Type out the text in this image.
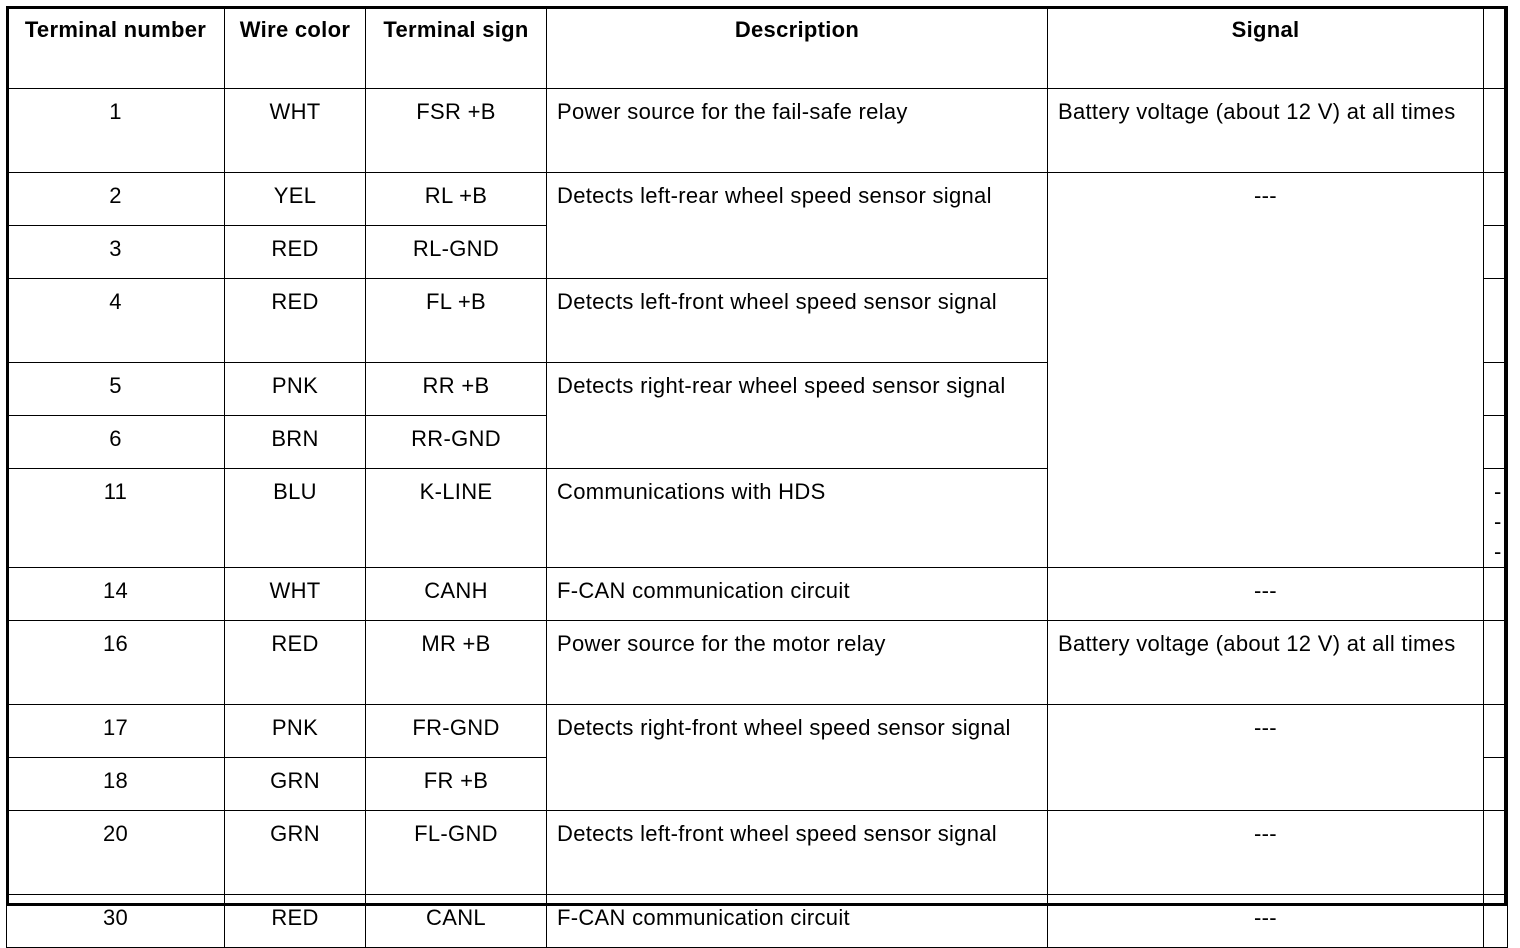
Terminal number	Wire color	Terminal sign	Description	Signal		
1	WHT	FSR +B	Power source for the fail-safe relay	Battery voltage (about 12 V) at all times		
2	YEL	RL +B	Detects left-rear wheel speed sensor signal	---		
3	RED	RL-GND				
4	RED	FL +B	Detects left-front wheel speed sensor signal			
5	PNK	RR +B	Detects right-rear wheel speed sensor signal			
6	BRN	RR-GND				
11	BLU	K-LINE	Communications with HDS		---	
14	WHT	CANH	F-CAN communication circuit	---		
16	RED	MR +B	Power source for the motor relay	Battery voltage (about 12 V) at all times		
17	PNK	FR-GND	Detects right-front wheel speed sensor signal	---		
18	GRN	FR +B				
20	GRN	FL-GND	Detects left-front wheel speed sensor signal	---		
30	RED	CANL	F-CAN communication circuit	---		
